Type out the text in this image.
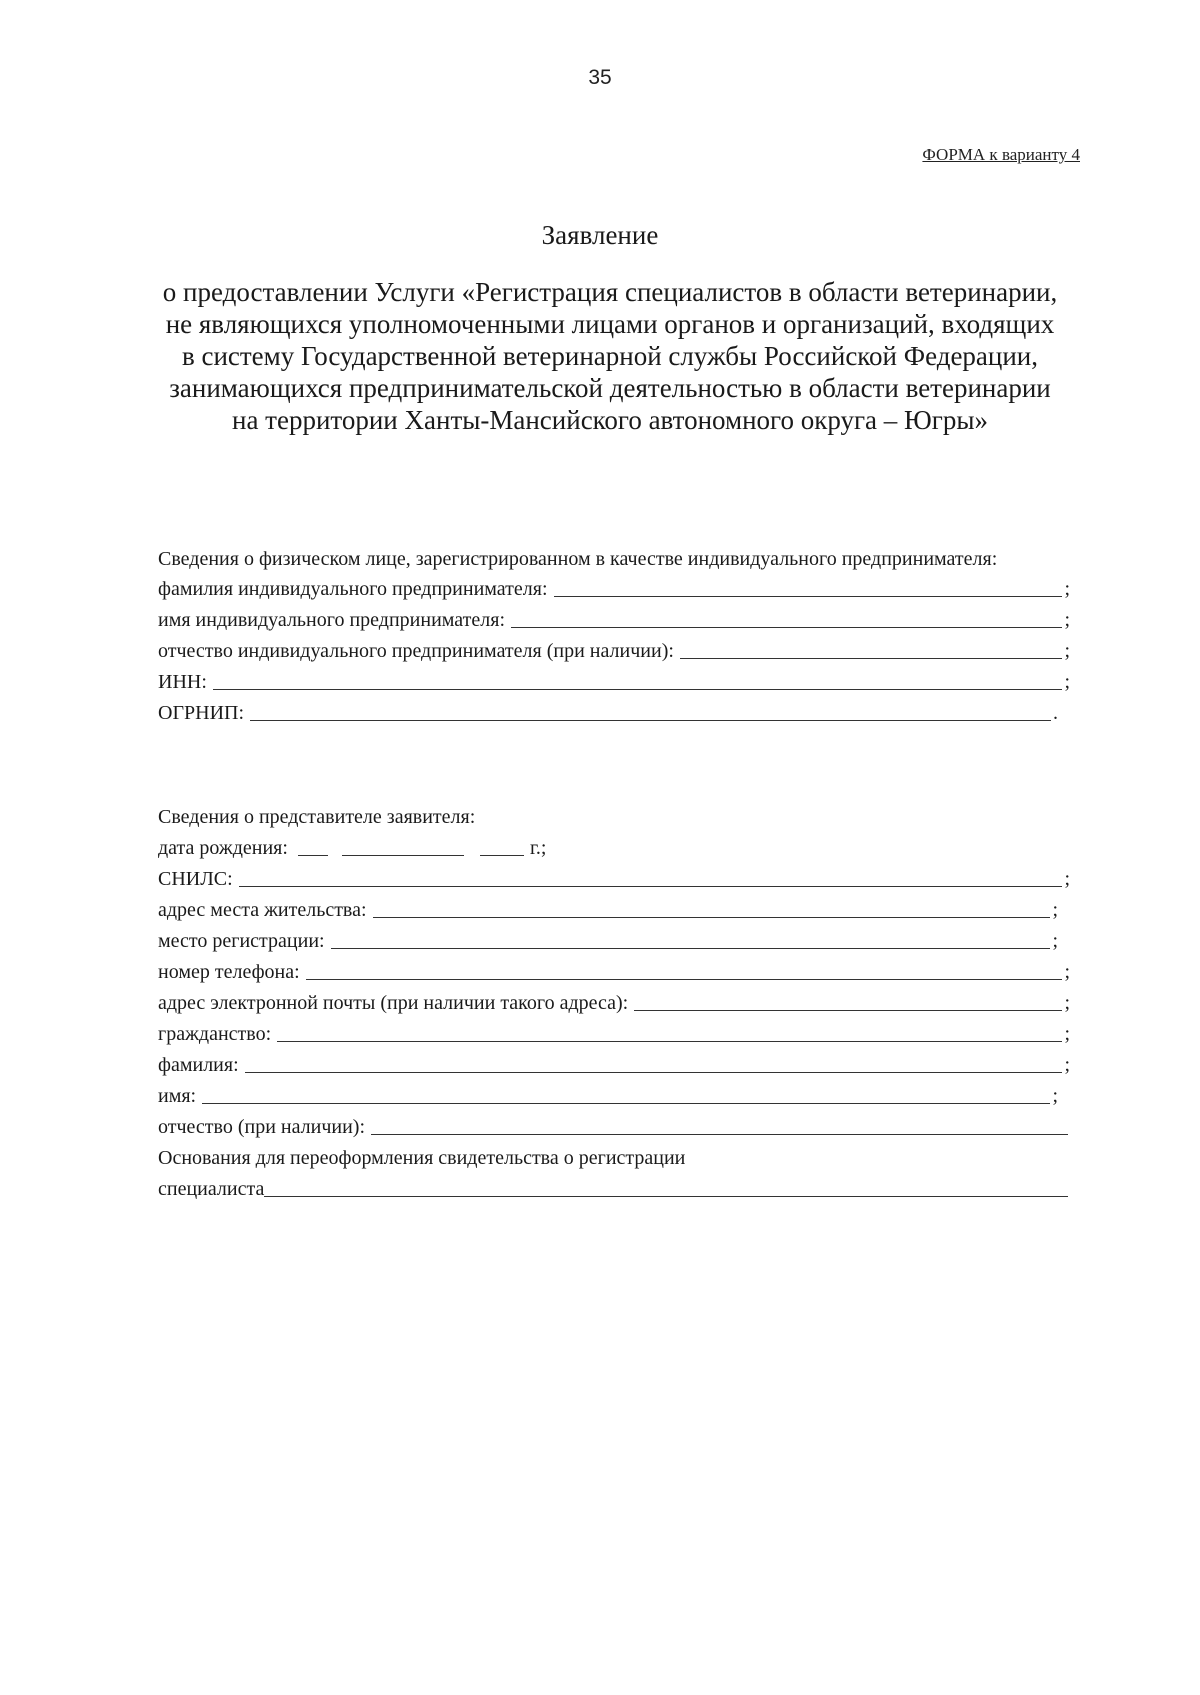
35
ФОРМА к варианту 4
Заявление

о предоставлении Услуги «Регистрация специалистов в области ветеринарии, не являющихся уполномоченными лицами органов и организаций, входящих в систему Государственной ветеринарной службы Российской Федерации, занимающихся предпринимательской деятельностью в области ветеринарии на территории Ханты-Мансийского автономного округа – Югры»

Сведения о физическом лице, зарегистрированном в качестве индивидуального предпринимателя:

фамилия индивидуального предпринимателя:	;
имя индивидуального предпринимателя:	;
отчество индивидуального предпринимателя (при наличии):	;
ИНН:	;
ОГРНИП:	.
Сведения о представителе заявителя:
дата рождения:	г.;
СНИЛС:	;
адрес места жительства:	;
место регистрации:	;
номер телефона:	;
адрес электронной почты (при наличии такого адреса):	;
гражданство:	;
фамилия:	;
имя:	;
отчество (при наличии):
Основания для переоформления свидетельства о регистрации
специалиста
